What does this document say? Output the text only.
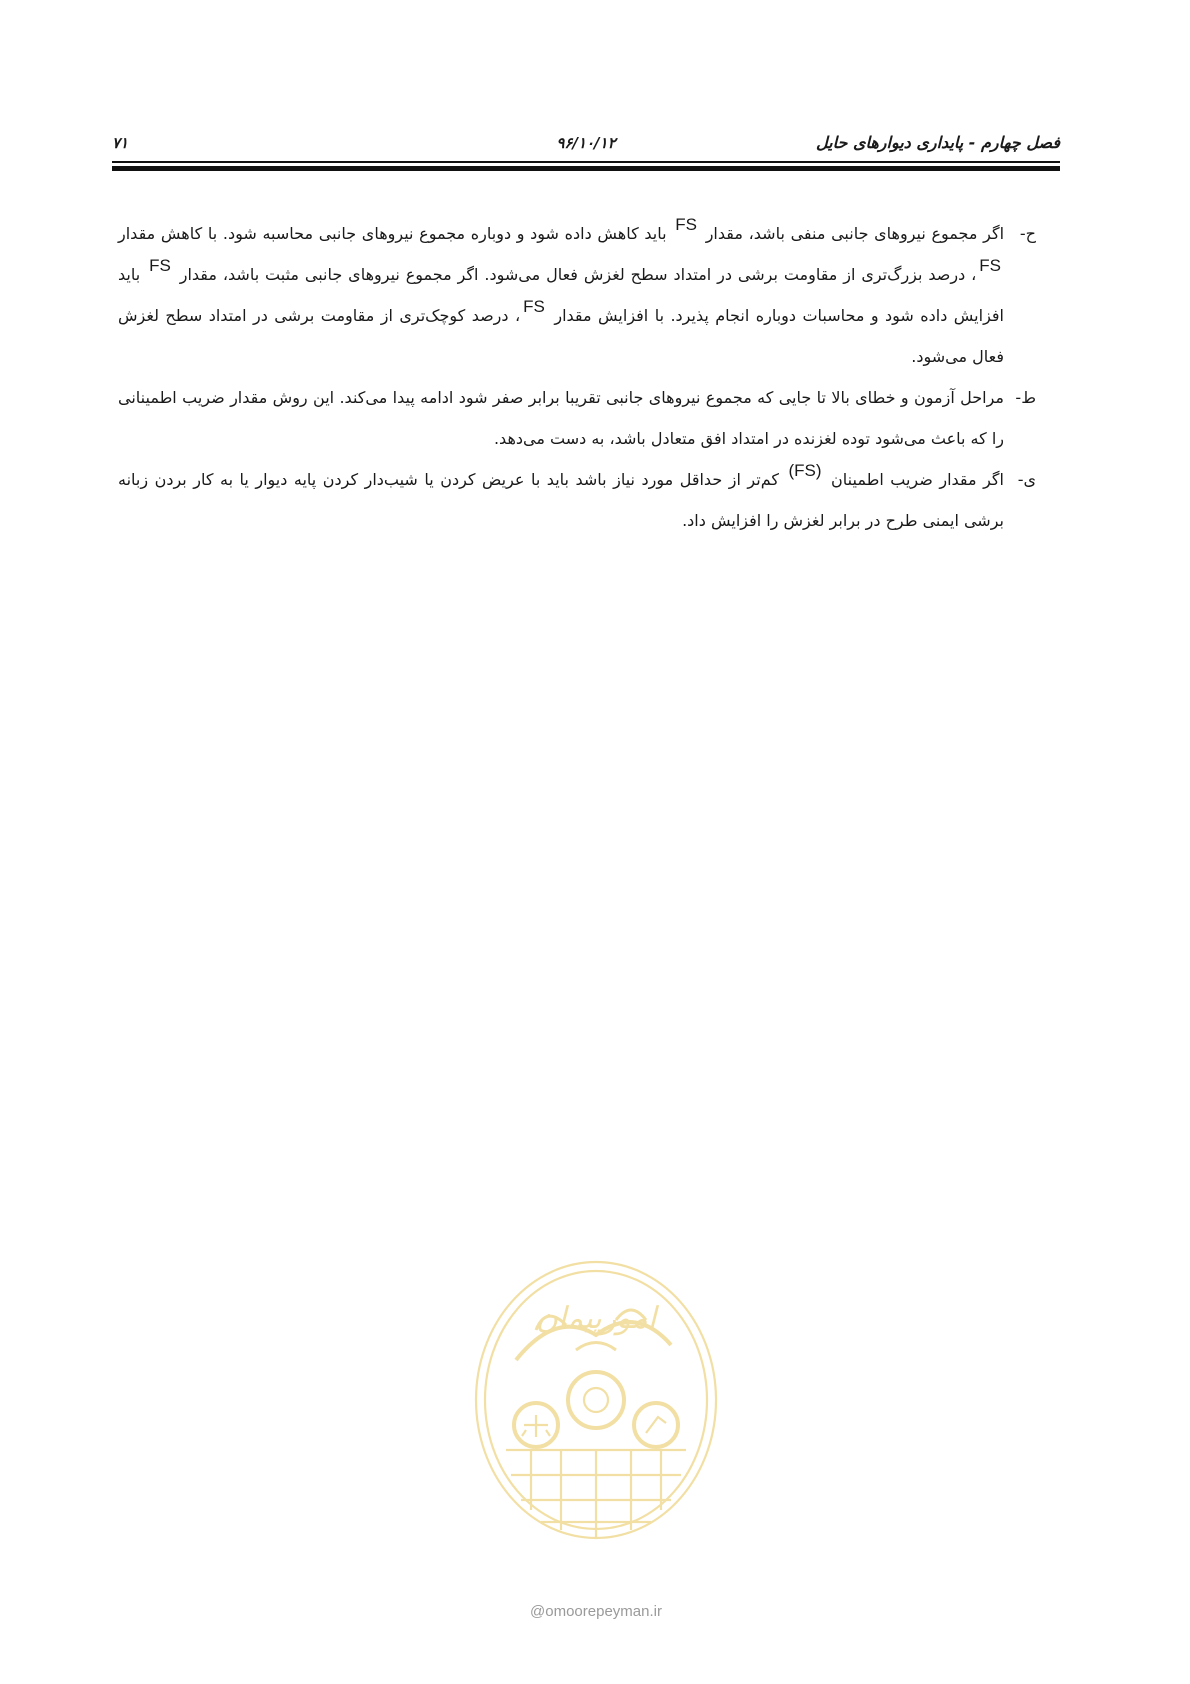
فصل چهارم - پایداری دیوارهای حایل
۹۶/۱۰/۱۲
۷۱
ح-
اگر مجموع نیروهای جانبی منفی باشد، مقدار FS باید کاهش داده شود و دوباره مجموع نیروهای جانبی محاسبه شود. با کاهش مقدار FS، درصد بزرگ‌تری از مقاومت برشی در امتداد سطح لغزش فعال می‌شود. اگر مجموع نیروهای جانبی مثبت باشد، مقدار FS باید افزایش داده شود و محاسبات دوباره انجام پذیرد. با افزایش مقدار FS، درصد کوچک‌تری از مقاومت برشی در امتداد سطح لغزش فعال می‌شود.
ط-
مراحل آزمون و خطای بالا تا جایی که مجموع نیروهای جانبی تقریبا برابر صفر شود ادامه پیدا می‌کند. این روش مقدار ضریب اطمینانی را که باعث می‌شود توده لغزنده در امتداد افق متعادل باشد، به دست می‌دهد.
ی-
اگر مقدار ضریب اطمینان (FS) کم‌تر از حداقل مورد نیاز باشد باید با عریض کردن یا شیب‌دار کردن پایه دیوار یا به کار بردن زبانه برشی ایمنی طرح در برابر لغزش را افزایش داد.
امورپیمان
@omoorepeyman.ir
